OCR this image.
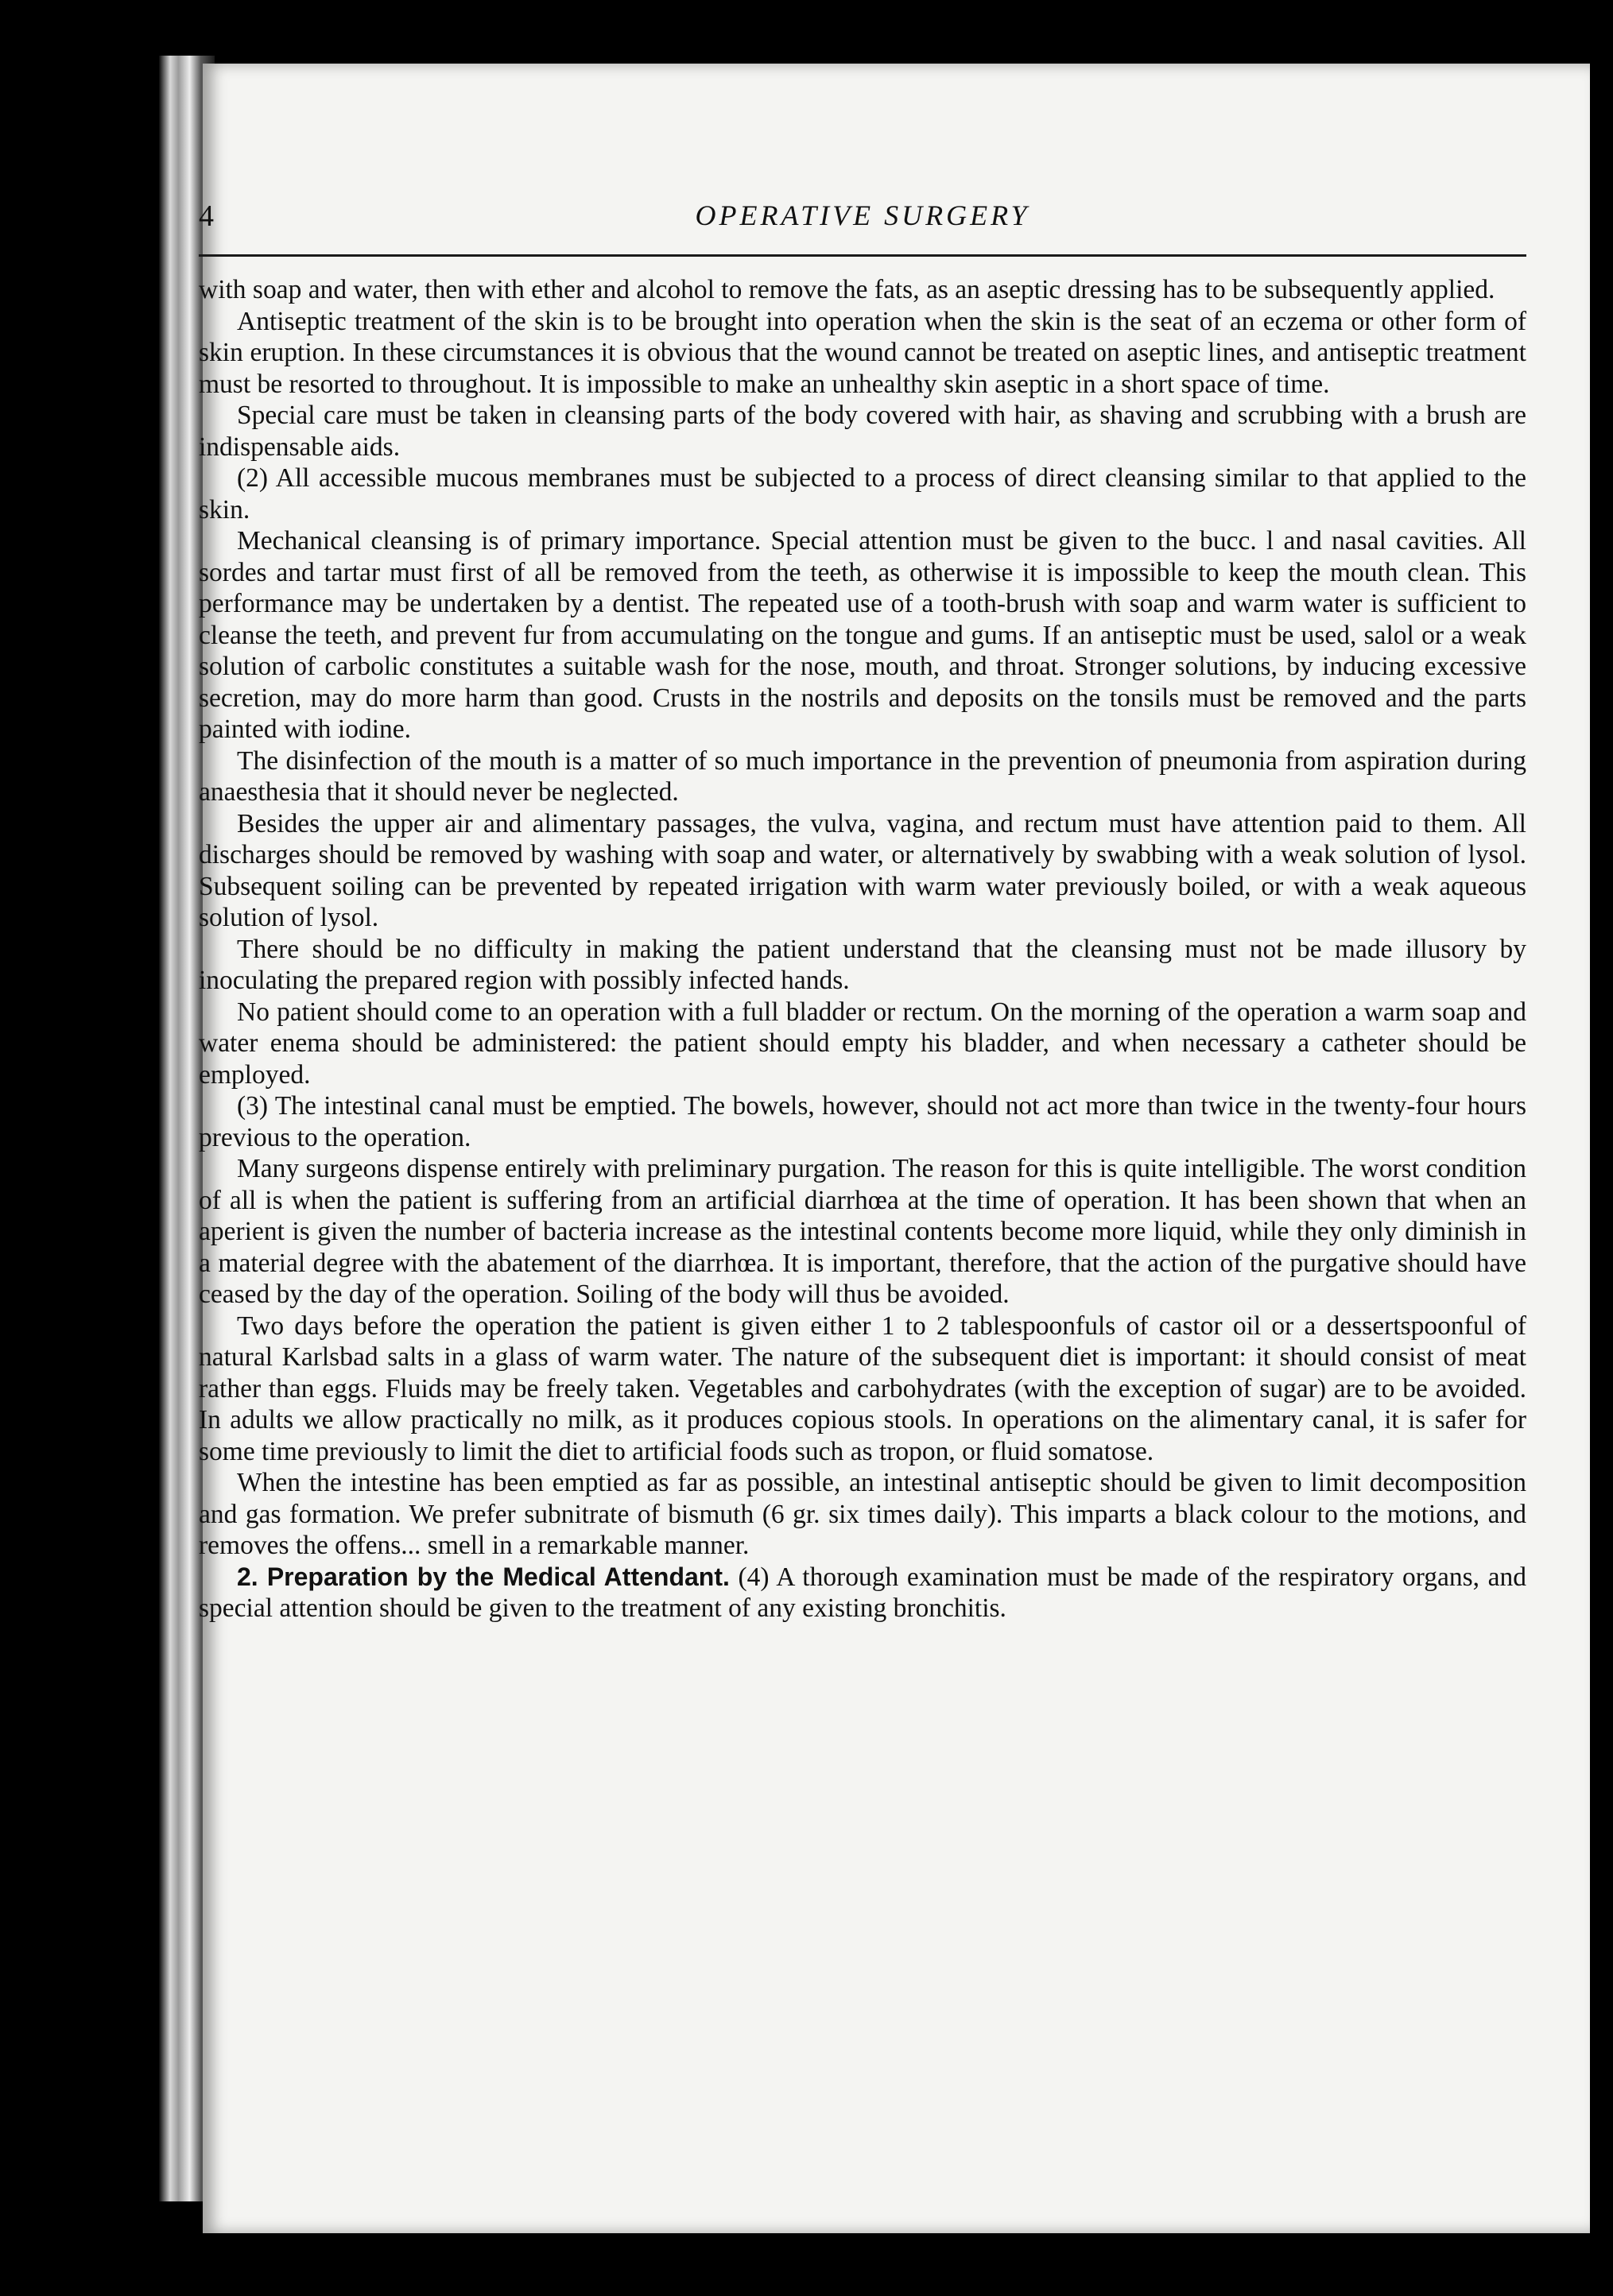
4	OPERATIVE SURGERY

with soap and water, then with ether and alcohol to remove the fats, as an aseptic dressing has to be subsequently applied.

Antiseptic treatment of the skin is to be brought into operation when the skin is the seat of an eczema or other form of skin eruption. In these circumstances it is obvious that the wound cannot be treated on aseptic lines, and antiseptic treatment must be resorted to throughout. It is impossible to make an unhealthy skin aseptic in a short space of time.

Special care must be taken in cleansing parts of the body covered with hair, as shaving and scrubbing with a brush are indispensable aids.

(2) All accessible mucous membranes must be subjected to a process of direct cleansing similar to that applied to the skin.

Mechanical cleansing is of primary importance. Special attention must be given to the bucc. l and nasal cavities. All sordes and tartar must first of all be removed from the teeth, as otherwise it is impossible to keep the mouth clean. This performance may be undertaken by a dentist. The repeated use of a tooth-brush with soap and warm water is sufficient to cleanse the teeth, and prevent fur from accumulating on the tongue and gums. If an antiseptic must be used, salol or a weak solution of carbolic constitutes a suitable wash for the nose, mouth, and throat. Stronger solutions, by inducing excessive secretion, may do more harm than good. Crusts in the nostrils and deposits on the tonsils must be removed and the parts painted with iodine.

The disinfection of the mouth is a matter of so much importance in the prevention of pneumonia from aspiration during anaesthesia that it should never be neglected.

Besides the upper air and alimentary passages, the vulva, vagina, and rectum must have attention paid to them. All discharges should be removed by washing with soap and water, or alternatively by swabbing with a weak solution of lysol. Subsequent soiling can be prevented by repeated irrigation with warm water previously boiled, or with a weak aqueous solution of lysol.

There should be no difficulty in making the patient understand that the cleansing must not be made illusory by inoculating the prepared region with possibly infected hands.

No patient should come to an operation with a full bladder or rectum. On the morning of the operation a warm soap and water enema should be administered: the patient should empty his bladder, and when necessary a catheter should be employed.

(3) The intestinal canal must be emptied. The bowels, however, should not act more than twice in the twenty-four hours previous to the operation.

Many surgeons dispense entirely with preliminary purgation. The reason for this is quite intelligible. The worst condition of all is when the patient is suffering from an artificial diarrhœa at the time of operation. It has been shown that when an aperient is given the number of bacteria increase as the intestinal contents become more liquid, while they only diminish in a material degree with the abatement of the diarrhœa. It is important, therefore, that the action of the purgative should have ceased by the day of the operation. Soiling of the body will thus be avoided.

Two days before the operation the patient is given either 1 to 2 tablespoonfuls of castor oil or a dessertspoonful of natural Karlsbad salts in a glass of warm water. The nature of the subsequent diet is important: it should consist of meat rather than eggs. Fluids may be freely taken. Vegetables and carbohydrates (with the exception of sugar) are to be avoided. In adults we allow practically no milk, as it produces copious stools. In operations on the alimentary canal, it is safer for some time previously to limit the diet to artificial foods such as tropon, or fluid somatose.

When the intestine has been emptied as far as possible, an intestinal antiseptic should be given to limit decomposition and gas formation. We prefer subnitrate of bismuth (6 gr. six times daily). This imparts a black colour to the motions, and removes the offens... smell in a remarkable manner.

2. Preparation by the Medical Attendant. (4) A thorough examination must be made of the respiratory organs, and special attention should be given to the treatment of any existing bronchitis.
